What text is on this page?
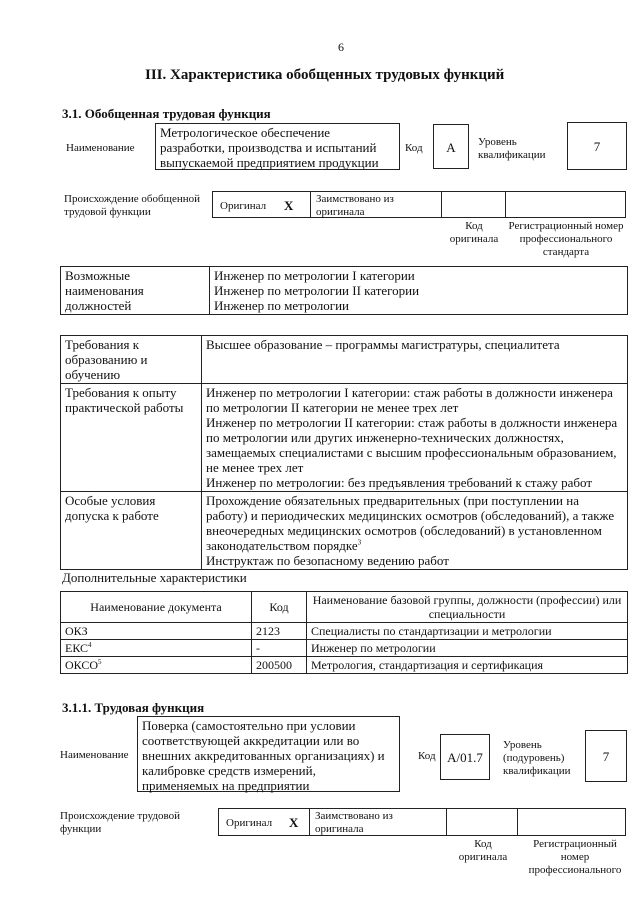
6
III. Характеристика обобщенных трудовых функций
3.1. Обобщенная трудовая функция
Наименование
Метрологическое обеспечение разработки, производства и испытаний выпускаемой предприятием продукции
Код	А	Уровень квалификации
7
Происхождение обобщенной трудовой функции	Оригинал X Заимствовано из оригинала
Код оригинала
Регистрационный номер профессионального стандарта
Возможные наименования должностей	
Инженер по метрологии I категории
Инженер по метрологии II категории
Инженер по метрологии
Требования к образованию и обучению	Высшее образование – программы магистратуры, специалитета

Требования к опыту практической работы	Инженер по метрологии I категории: стаж работы в должности инженера по метрологии II категории не менее трех лет
Инженер по метрологии II категории: стаж работы в должности инженера по метрологии или других инженерно-технических должностях, замещаемых специалистами с высшим профессиональным образованием, не менее трех лет
Инженер по метрологии: без предъявления требований к стажу работ

Особые условия допуска к работе	Прохождение обязательных предварительных (при поступлении на работу) и периодических медицинских осмотров (обследований), а также внеочередных медицинских осмотров (обследований) в установленном законодательством порядке$^3$
Инструктаж по безопасному ведению работ
Дополнительные характеристики
Наименование документа	Код	Наименование базовой группы, должности (профессии) или специальности
ОКЗ	2123	Специалисты по стандартизации и метрологии
ЕКС$^4$	-	Инженер по метрологии
ОКСО$^5$	200500	Метрология, стандартизация и сертификация
3.1.1. Трудовая функция
Наименование
Поверка (самостоятельно при условии соответствующей аккредитации или во внешних аккредитованных организациях) и калибровке средств измерений, применяемых на предприятии
Код А/01.7
Уровень (подуровень) квалификации
7
Происхождение трудовой функции	Оригинал X Заимствовано из оригинала
Код оригинала
Регистрационный номер профессионального
